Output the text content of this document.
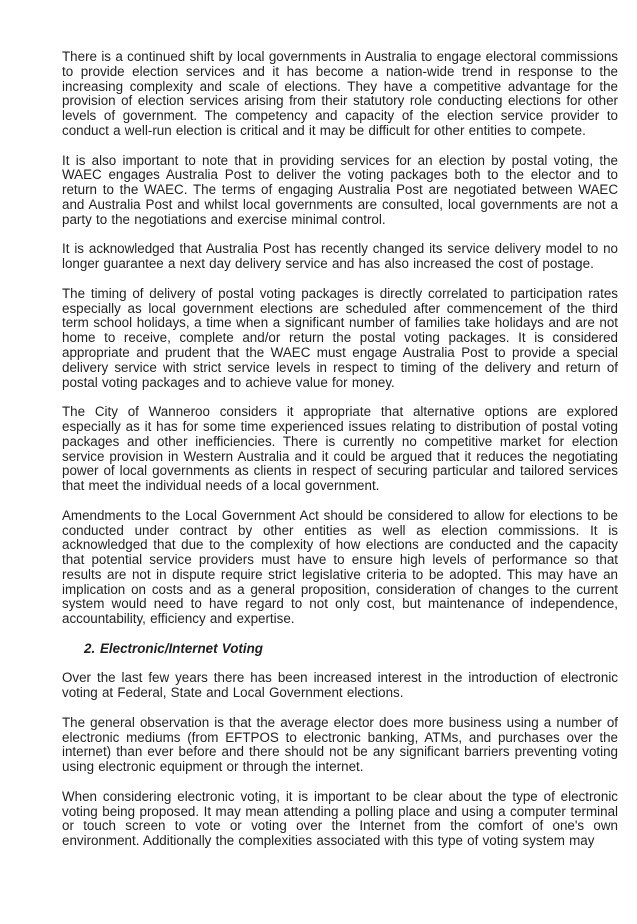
There is a continued shift by local governments in Australia to engage electoral commissions to provide election services and it has become a nation-wide trend in response to the increasing complexity and scale of elections. They have a competitive advantage for the provision of election services arising from their statutory role conducting elections for other levels of government. The competency and capacity of the election service provider to conduct a well-run election is critical and it may be difficult for other entities to compete.

It is also important to note that in providing services for an election by postal voting, the WAEC engages Australia Post to deliver the voting packages both to the elector and to return to the WAEC. The terms of engaging Australia Post are negotiated between WAEC and Australia Post and whilst local governments are consulted, local governments are not a party to the negotiations and exercise minimal control.

It is acknowledged that Australia Post has recently changed its service delivery model to no longer guarantee a next day delivery service and has also increased the cost of postage.

The timing of delivery of postal voting packages is directly correlated to participation rates especially as local government elections are scheduled after commencement of the third term school holidays, a time when a significant number of families take holidays and are not home to receive, complete and/or return the postal voting packages. It is considered appropriate and prudent that the WAEC must engage Australia Post to provide a special delivery service with strict service levels in respect to timing of the delivery and return of postal voting packages and to achieve value for money.

The City of Wanneroo considers it appropriate that alternative options are explored especially as it has for some time experienced issues relating to distribution of postal voting packages and other inefficiencies. There is currently no competitive market for election service provision in Western Australia and it could be argued that it reduces the negotiating power of local governments as clients in respect of securing particular and tailored services that meet the individual needs of a local government.

Amendments to the Local Government Act should be considered to allow for elections to be conducted under contract by other entities as well as election commissions. It is acknowledged that due to the complexity of how elections are conducted and the capacity that potential service providers must have to ensure high levels of performance so that results are not in dispute require strict legislative criteria to be adopted. This may have an implication on costs and as a general proposition, consideration of changes to the current system would need to have regard to not only cost, but maintenance of independence, accountability, efficiency and expertise.

2. Electronic/Internet Voting

Over the last few years there has been increased interest in the introduction of electronic voting at Federal, State and Local Government elections.

The general observation is that the average elector does more business using a number of electronic mediums (from EFTPOS to electronic banking, ATMs, and purchases over the internet) than ever before and there should not be any significant barriers preventing voting using electronic equipment or through the internet.

When considering electronic voting, it is important to be clear about the type of electronic voting being proposed. It may mean attending a polling place and using a computer terminal or touch screen to vote or voting over the Internet from the comfort of one's own environment. Additionally the complexities associated with this type of voting system may
